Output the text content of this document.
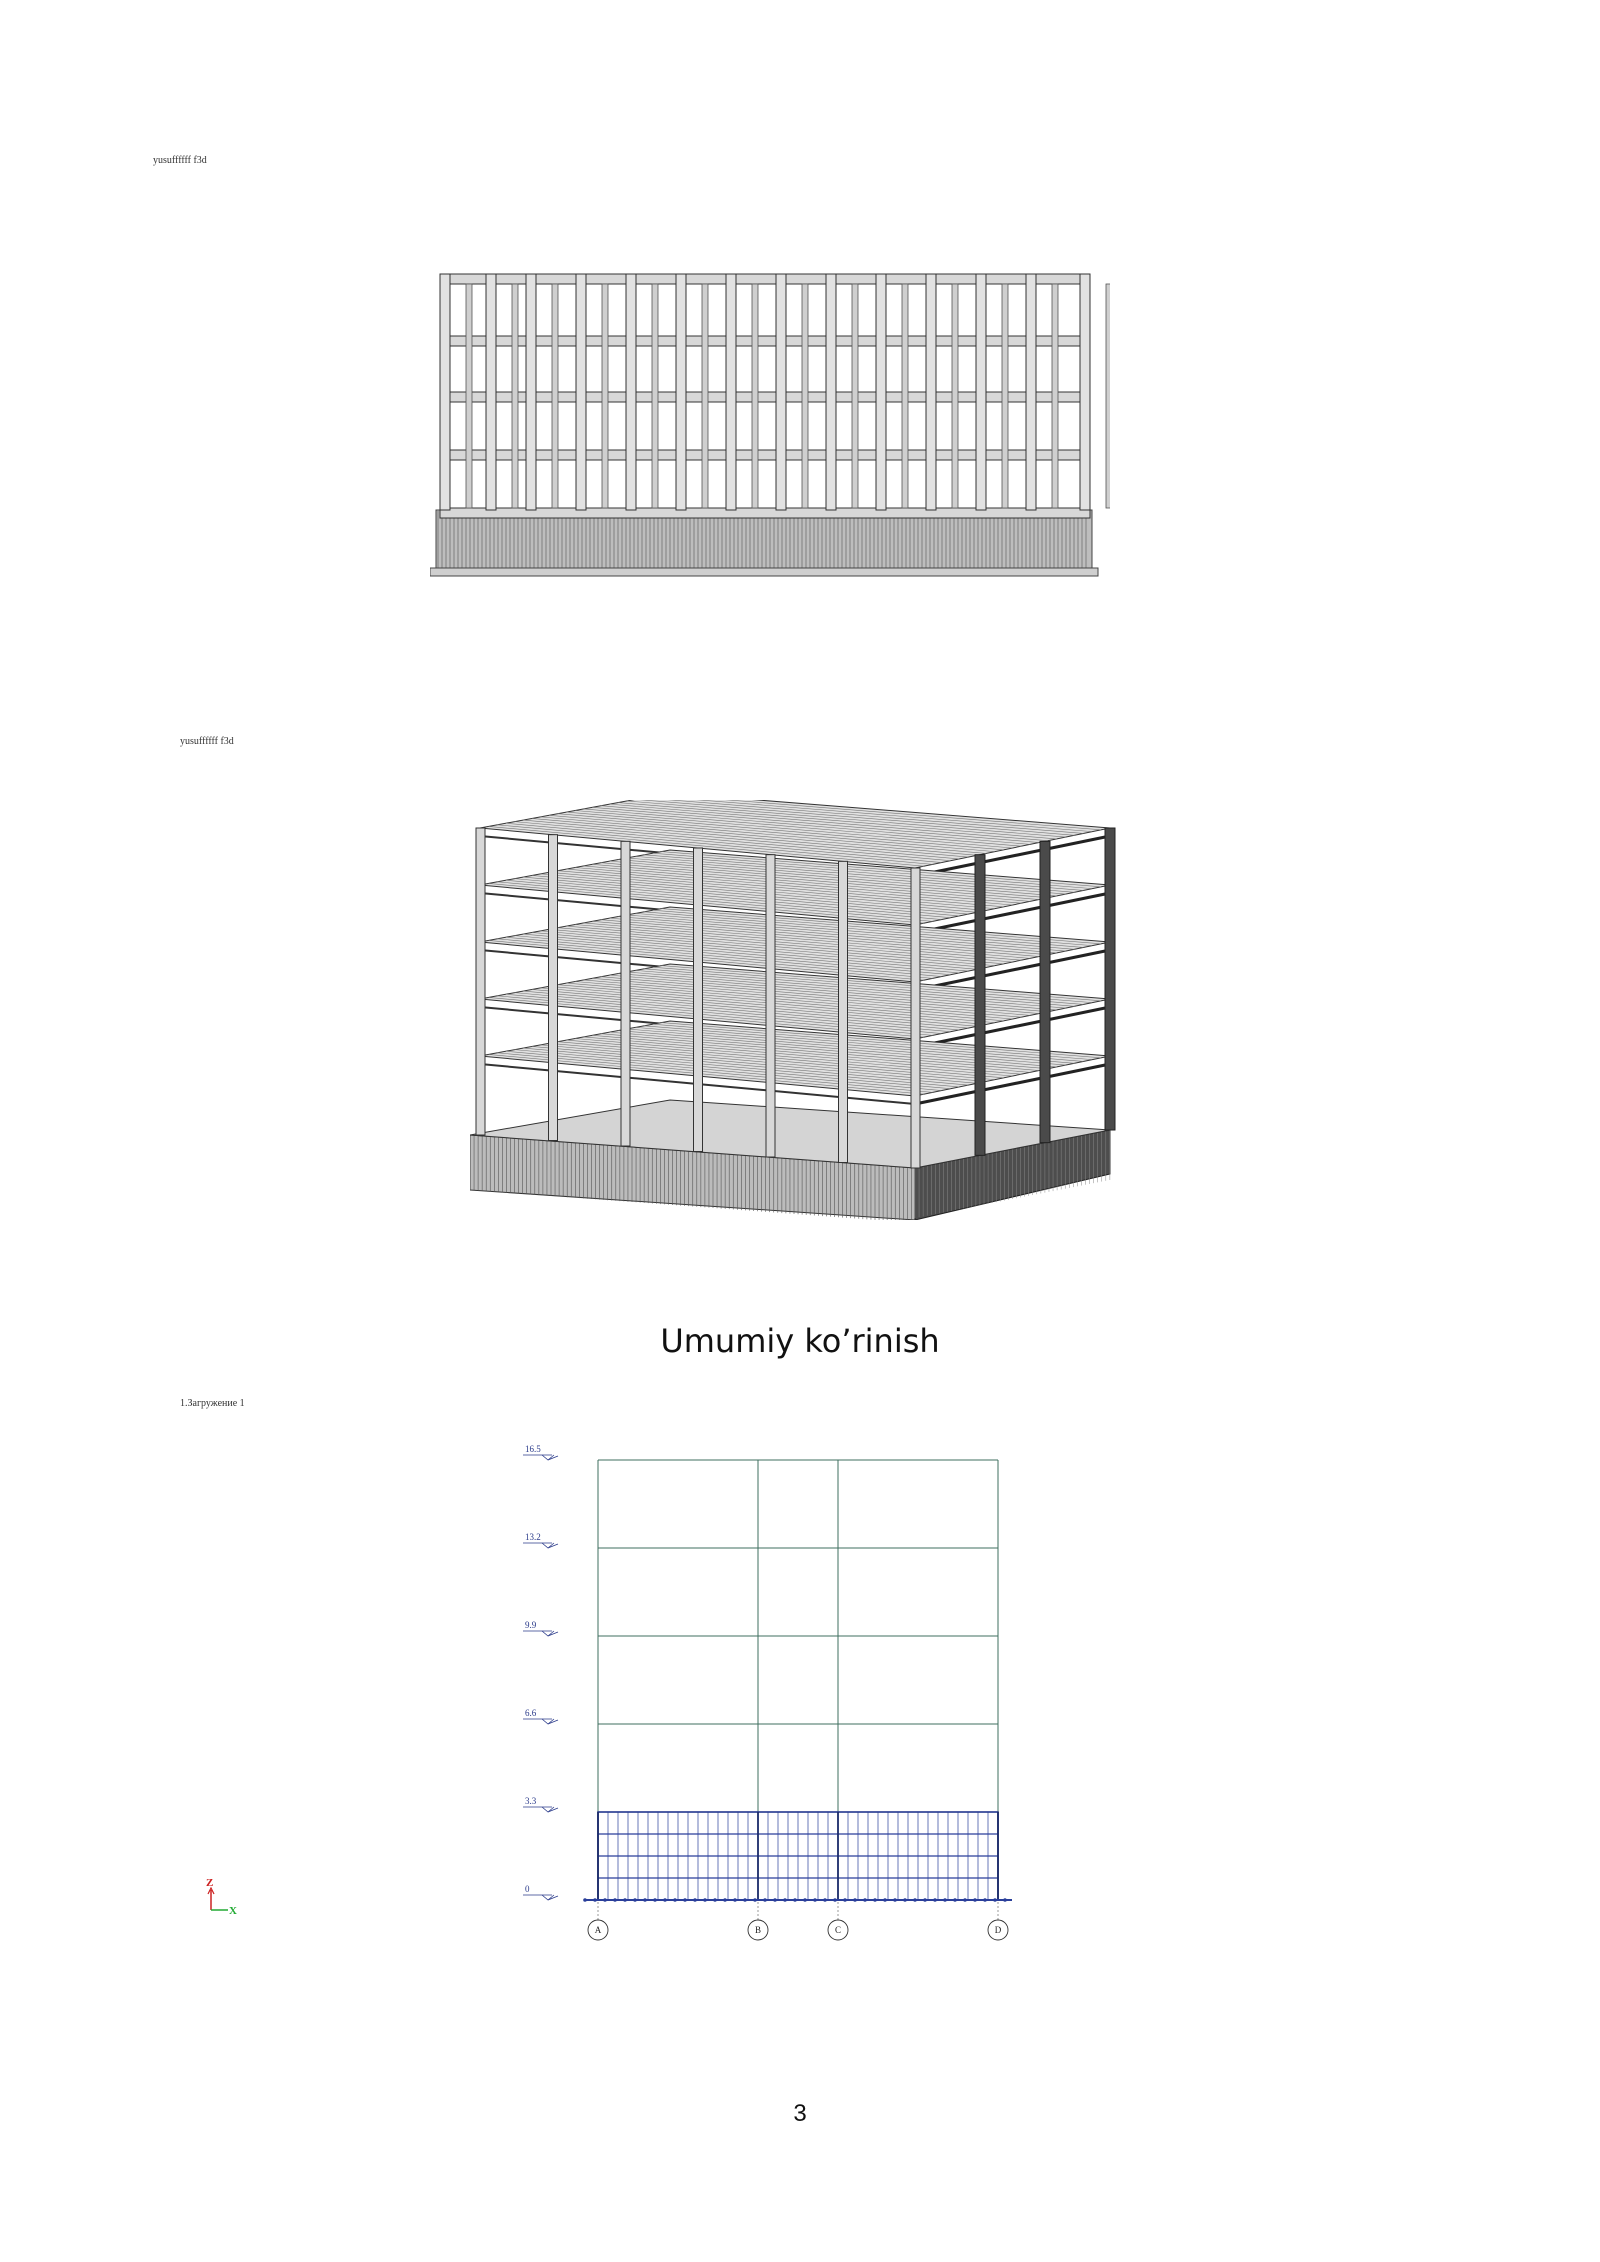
yusuffffff f3d
yusuffffff f3d
Umumiy ko’rinish
1.Загружение 1
16.5
13.2
9.9
6.6
3.3
0
A	B	C	D
Z
X
3
